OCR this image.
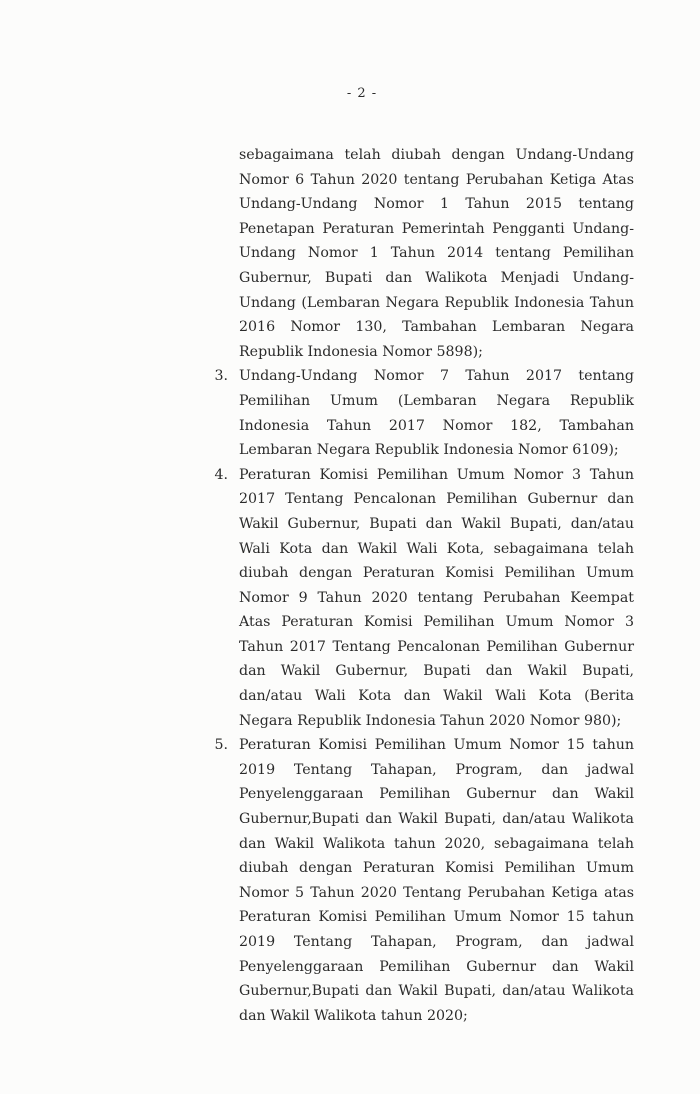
- 2 -

sebagaimana telah diubah dengan Undang-Undang Nomor 6 Tahun 2020 tentang Perubahan Ketiga Atas Undang-Undang Nomor 1 Tahun 2015 tentang Penetapan Peraturan Pemerintah Pengganti Undang-Undang Nomor 1 Tahun 2014 tentang Pemilihan Gubernur, Bupati dan Walikota Menjadi Undang-Undang (Lembaran Negara Republik Indonesia Tahun 2016 Nomor 130, Tambahan Lembaran Negara Republik Indonesia Nomor 5898);

3. Undang-Undang Nomor 7 Tahun 2017 tentang Pemilihan Umum (Lembaran Negara Republik Indonesia Tahun 2017 Nomor 182, Tambahan Lembaran Negara Republik Indonesia Nomor 6109);
4. Peraturan Komisi Pemilihan Umum Nomor 3 Tahun 2017 Tentang Pencalonan Pemilihan Gubernur dan Wakil Gubernur, Bupati dan Wakil Bupati, dan/atau Wali Kota dan Wakil Wali Kota, sebagaimana telah diubah dengan Peraturan Komisi Pemilihan Umum Nomor 9 Tahun 2020 tentang Perubahan Keempat Atas Peraturan Komisi Pemilihan Umum Nomor 3 Tahun 2017 Tentang Pencalonan Pemilihan Gubernur dan Wakil Gubernur, Bupati dan Wakil Bupati, dan/atau Wali Kota dan Wakil Wali Kota (Berita Negara Republik Indonesia Tahun 2020 Nomor 980);
5. Peraturan Komisi Pemilihan Umum Nomor 15 tahun 2019 Tentang Tahapan, Program, dan jadwal Penyelenggaraan Pemilihan Gubernur dan Wakil Gubernur,Bupati dan Wakil Bupati, dan/atau Walikota dan Wakil Walikota tahun 2020, sebagaimana telah diubah dengan Peraturan Komisi Pemilihan Umum Nomor 5 Tahun 2020 Tentang Perubahan Ketiga atas Peraturan Komisi Pemilihan Umum Nomor 15 tahun 2019 Tentang Tahapan, Program, dan jadwal Penyelenggaraan Pemilihan Gubernur dan Wakil Gubernur,Bupati dan Wakil Bupati, dan/atau Walikota dan Wakil Walikota tahun 2020;
